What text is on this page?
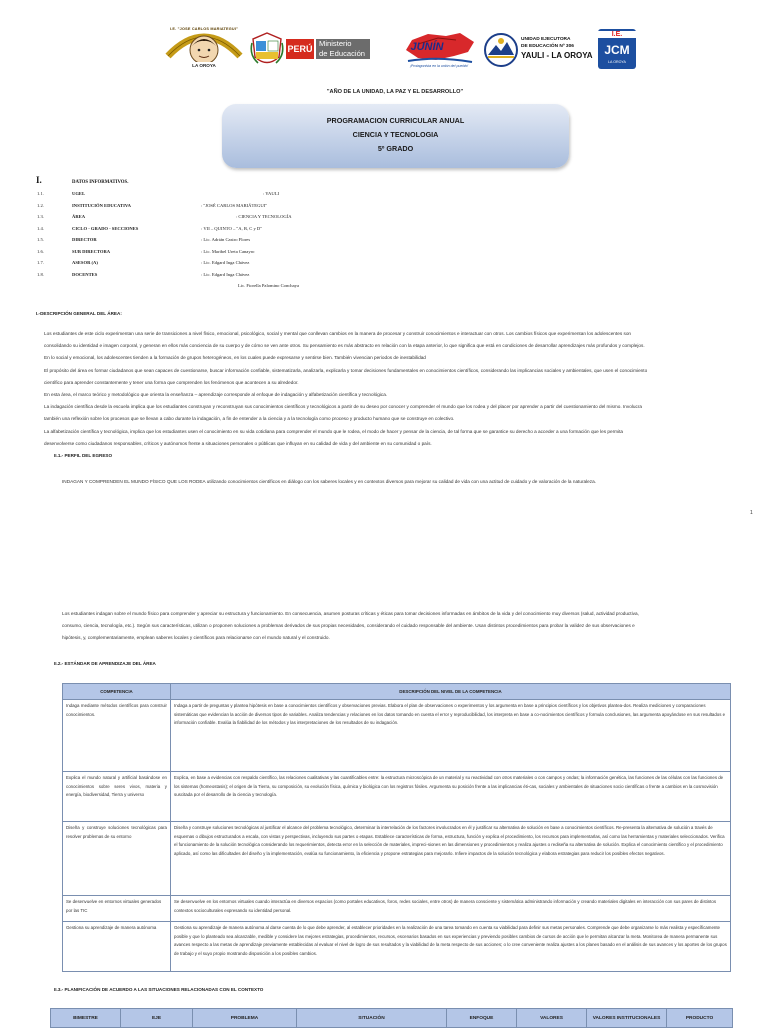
I.E. "JOSE CARLOS MARIATEGUI"
LA OROYA
PERÚ
Ministerio
de Educación	JUNÍN
¡Protagonista en la unión del pueblo!
UNIDAD EJECUTORA
DE EDUCACIÓN Nº 306
YAULI - LA OROYA
I.E.
JCM
LA OROYA
"AÑO DE LA UNIDAD, LA PAZ Y EL DESARROLLO"
PROGRAMACION CURRICULAR ANUAL
CIENCIA Y TECNOLOGIA
5º GRADO
I.	DATOS INFORMATIVOS.
1.1.	UGEL	: YAULI
1.2.	INSTITUCIÓN EDUCATIVA	: "JOSÉ CARLOS MARIÁTEGUI"
1.3.	ÁREA	: CIENCIA Y TECNOLOGÍA
1.4.	CICLO - GRADO - SECCIONES	: VII – QUINTO – "A, B, C y D"
1.5.	DIRECTOR	: Lic. Adrián Castro Flores
1.6.	SUB DIRECTORA	: Lic. Maribel Ureta Canayro
1.7.	ASESOR (A)	: Lic. Edgard Inga Chávez
1.8.	DOCENTES	: Lic. Edgard Inga Chávez
Lic. Fiorella Palomino Conchaya
I.-DESCRIPCIÓN GENERAL DEL ÁREA:
Los estudiantes de este ciclo experimentan una serie de transiciones a nivel físico, emocional, psicológico, social y mental que conllevan cambios en la manera de procesar y construir conocimientos e interactuar con otros. Los cambios físicos que experimentan los adolescentes son
consolidando su identidad e imagen corporal, y generan en ellos más conciencia de su cuerpo y de cómo se ven ante otros. Su pensamiento es más abstracto en relación con la etapa anterior, lo que significa que está en condiciones de desarrollar aprendizajes más profundos y complejos.
En lo social y emocional, los adolescentes tienden a la formación de grupos heterogéneos, en los cuales puede expresarse y sentirse bien. También vivencian periodos de inestabilidad
El propósito del área es formar ciudadanos que sean capaces de cuestionarse, buscar información confiable, sistematizarla, analizarla, explicarla y tomar decisiones fundamentales en conocimientos científicos, considerando las implicancias sociales y ambientales, que usen el conocimiento
científico para aprender constantemente y tener una forma que comprenden los fenómenos que acontecen a su alrededor.
En esta área, el marco teórico y metodológico que orienta la enseñanza – aprendizaje corresponde al enfoque de indagación y alfabetización científica y tecnológica.
La indagación científica desde la escuela implica que los estudiantes construyan y reconstruyan sus conocimientos científicos y tecnológicos a partir de su deseo por conocer y comprender el mundo que los rodea y del placer por aprender a partir del cuestionamiento del mismo. Involucra
también una reflexión sobre los procesos que se llevan a cabo durante la indagación, a fin de entender a la ciencia y a la tecnología como proceso y producto humano que se construye en colectivo.
La alfabetización científica y tecnológica, implica que los estudiantes usen el conocimiento en su vida cotidiana para comprender el mundo que le rodea, el modo de hacer y pensar de la ciencia, de tal forma que se garantice su derecho a acceder a una formación que les permita
desenvolverse como ciudadanos responsables, críticos y autónomos frente a situaciones personales o públicas que influyan en su calidad de vida y del ambiente en su comunidad o país.
II.1.- PERFIL DEL EGRESO
INDAGAN Y COMPRENDEN EL MUNDO FÍSICO QUE LOS RODEA utilizando conocimientos científicos en diálogo con los saberes locales y en contextos diversos para mejorar su calidad de vida con una actitud de cuidado y de valoración de la naturaleza.
1
Los estudiantes indagan sobre el mundo físico para comprender y apreciar su estructura y funcionamiento. En consecuencia, asumen posturas críticas y éticas para tomar decisiones informadas en ámbitos de la vida y del conocimiento muy diversos (salud, actividad productiva,
consumo, ciencia, tecnología, etc.). Según sus características, utilizan o proponen soluciones a problemas derivados de sus propias necesidades, considerando el cuidado responsable del ambiente. Usan distintos procedimientos para probar la validez de sus observaciones e
hipótesis, y, complementariamente, emplean saberes locales y científicos para relacionarse con el mundo natural y el construido.
II.2.- ESTÁNDAR DE APRENDIZAJE DEL ÁREA
COMPETENCIA	DESCRIPCIÓN DEL NIVEL DE LA COMPETENCIA
Indaga mediante métodos científicos para construir conocimientos.	Indaga a partir de preguntas y plantea hipótesis en base a conocimientos científicos y observaciones previas. Elabora el plan de observaciones o experimentos y los argumenta en base a principios científicos y los objetivos plantea-dos. Realiza mediciones y comparaciones sistemáticas que evidencian la acción de diversos tipos de variables. Analiza tendencias y relaciones en los datos tomando en cuenta el error y reproducibilidad, los interpreta en base a co-nocimientos científicos y formula conclusiones, las argumenta apoyándose en sus resultados e información confiable. Evalúa la fiabilidad de los métodos y las interpretaciones de los resultados de su indagación.
Explica el mundo natural y artificial basándose en conocimientos sobre seres vivos, materia y energía, biodiversidad, Tierra y universo	Explica, en base a evidencias con respaldo científico, las relaciones cualitativas y las cuantificables entre: la estructura microscópica de un material y su reactividad con otros materiales o con campos y ondas; la información genética, las funciones de las células con las funciones de los sistemas (homeostasis); el origen de la Tierra, su composición, su evolución física, química y biológica con los registros fósiles. Argumenta su posición frente a las implicancias éti-cas, sociales y ambientales de situaciones socio científicas o frente a cambios en la cosmovisión suscitada por el desarrollo de la ciencia y tecnología.
Diseña y construye soluciones tecnológicas para resolver problemas de su entorno	Diseña y construye soluciones tecnológicas al justificar el alcance del problema tecnológico, determinar la interrelación de los factores involucrados en él y justificar su alternativa de solución en base a conocimientos científicos. Re-presenta la alternativa de solución a través de esquemas o dibujos estructurados a escala, con vistas y perspectivas, incluyendo sus partes o etapas. Establece características de forma, estructura, función y explica el procedimiento, los recursos para implementarlas, así como las herramientas y materiales seleccionados. Verifica el funcionamiento de la solución tecnológica considerando los requerimientos, detecta error en la selección de materiales, impreci-siones en las dimensiones y procedimientos y realiza ajustes o rediseña su alternativa de solución. Explica el conocimiento científico y el procedimiento aplicado, así como las dificultades del diseño y la implementación, evalúa su funcionamiento, la eficiencia y propone estrategias para mejorarlo. Infiere impactos de la solución tecnológica y elabora estrategias para reducir los posibles efectos negativos.
Se desenvuelve en entornos virtuales generados por las TIC	Se desenvuelve en los entornos virtuales cuando interactúa en diversos espacios (como portales educativos, foros, redes sociales, entre otros) de manera consciente y sistemática administrando información y creando materiales digitales en interacción con sus pares de distintos contextos socioculturales expresando su identidad personal.
Gestiona su aprendizaje de manera autónoma	Gestiona su aprendizaje de manera autónoma al darse cuenta de lo que debe aprender, al establecer prioridades en la realización de una tarea tomando en cuenta su viabilidad para definir sus metas personales. Comprende que debe organizarse lo más realista y específicamente posible y que lo planteado sea alcanzable, medible y considere las mejores estrategias, procedimientos, recursos, escenarios basados en sus experiencias y previendo posibles cambios de cursos de acción que le permitan alcanzar la meta. Monitorea de manera permanente sus avances respecto a las metas de aprendizaje previamente establecidas al evaluar el nivel de logro de sus resultados y la viabilidad de la meta respecto de sus acciones; o lo cree conveniente realiza ajustes a los planes basado en el análisis de sus avances y los aportes de los grupos de trabajo y el suyo propio mostrando disposición a los posibles cambios.
II.3.- PLANIFICACIÓN DE ACUERDO A LAS SITUACIONES RELACIONADAS CON EL CONTEXTO
BIMESTRE	EJE	PROBLEMA	SITUACIÓN	ENFOQUE	VALORES	VALORES INSTITUCIONALES	PRODUCTO
